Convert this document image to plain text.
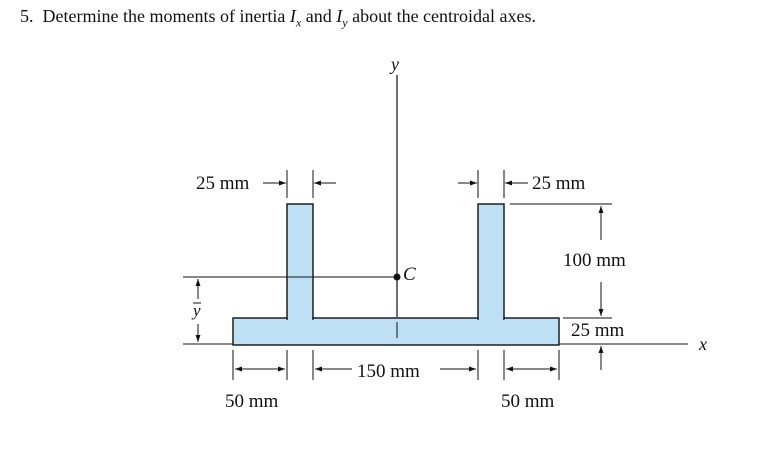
5. Determine the moments of inertia $I_x$ and $I_y$ about the centroidal axes.
y
x
C
y
25 mm	25 mm
100 mm
25 mm
50 mm
150 mm
50 mm
